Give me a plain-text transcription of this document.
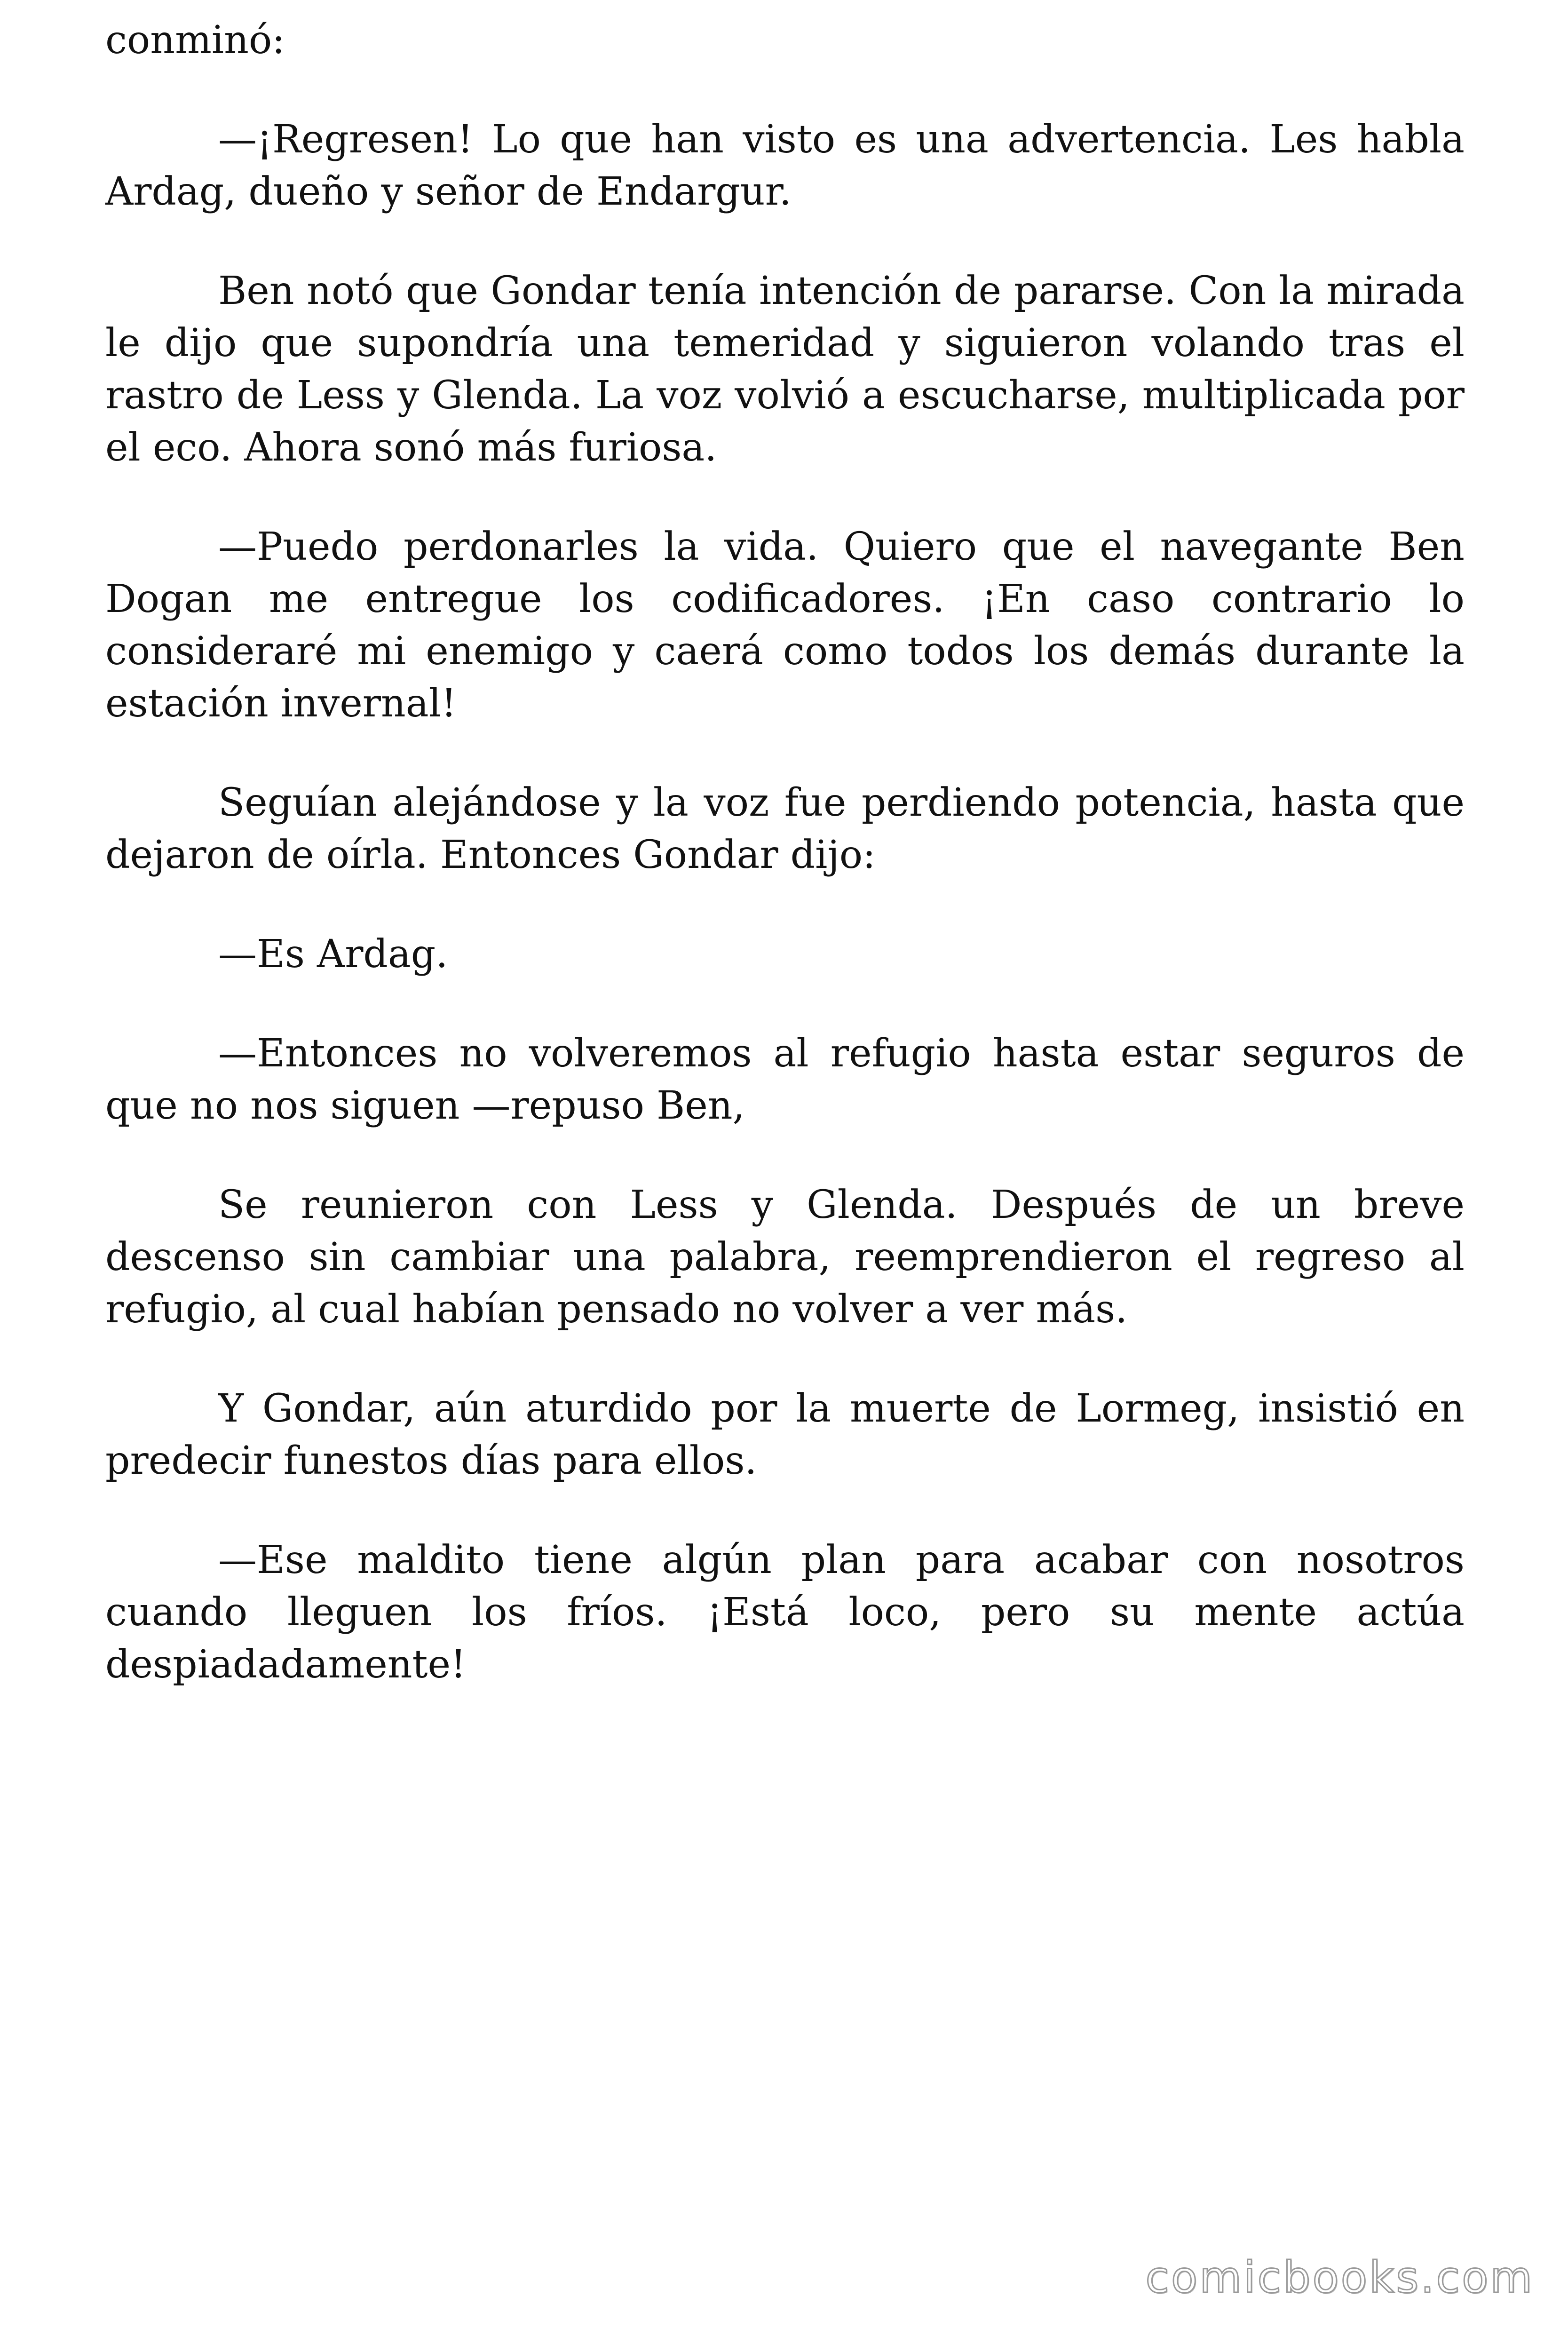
conminó:

—¡Regresen! Lo que han visto es una advertencia. Les habla Ardag, dueño y señor de Endargur.

Ben notó que Gondar tenía intención de pararse. Con la mirada le dijo que supondría una temeridad y siguieron volando tras el rastro de Less y Glenda. La voz volvió a escucharse, multiplicada por el eco. Ahora sonó más furiosa.

—Puedo perdonarles la vida. Quiero que el navegante Ben Dogan me entregue los codificadores. ¡En caso contrario lo consideraré mi enemigo y caerá como todos los demás durante la estación invernal!

Seguían alejándose y la voz fue perdiendo potencia, hasta que dejaron de oírla. Entonces Gondar dijo:

—Es Ardag.

—Entonces no volveremos al refugio hasta estar seguros de que no nos siguen —repuso Ben,

Se reunieron con Less y Glenda. Después de un breve descenso sin cambiar una palabra, reemprendieron el regreso al refugio, al cual habían pensado no volver a ver más.

Y Gondar, aún aturdido por la muerte de Lormeg, insistió en predecir funestos días para ellos.

—Ese maldito tiene algún plan para acabar con nosotros cuando lleguen los fríos. ¡Está loco, pero su mente actúa despiadadamente!

comicbooks.com
